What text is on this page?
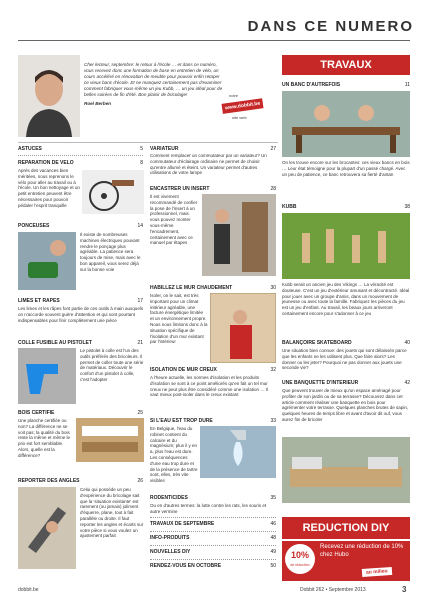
DANS CE NUMERO
Cher lecteur, septembre: le retour à l'école … et dans ce numéro, vous recevez donc une formation de base en entretien de vélo, un cours accéléré en rénovation de meuble pour pouvoir enfin retaper ce vieux banc d'école. Et ne manquez certainement pas d'examiner comment fabriquer vous-même un jeu Kubb, … un jeu idéal pour de belles soirées de fin d'été. Bon plaisir de bricolage!
Roel Berben
notre
www.dobbit.be
site web
ASTUCES	5
REPARATION DE VELO	8
Après des vacances bien méritées, nous reprenons le vélo pour aller au travail ou à l'école. Un bon nettoyage et un petit entretien peuvent être nécessaires pour pouvoir pédaler l'esprit tranquille
PONCEUSES	14
Il existe de nombreuses machines électriques pouvant rendre le ponçage plus agréable. La patience sera toujours de mise, mais avec le bon appareil, vous serez déjà sur la bonne voie
LIMES ET RAPES	17
Les limes et les râpes font partie de ces outils à main auxquels on n'accorde souvent guère d'attention et qui sont pourtant indispensables pour finir complètement une pièce
COLLE FUSIBLE AU PISTOLET	21
Le pistolet à colle est l'un des outils préférés des bricoleurs. Il permet de coller toute une série de matériaux. Découvrir le confort d'un pistolet à colle, c'est l'adopter
BOIS CERTIFIE	25
Une planche certifiée ou non? La différence ne se voit pas; la qualité du bois reste la même et même le prix est fort semblable. Alors, quelle est la différence?
REPORTER DES ANGLES	26
Celui qui possède un peu d'expérience du bricolage sait que la 'situation existante' est rarement (ou jamais) joliment d'équerre, plane, tout à fait parallèle ou droite. Il faut reporter les angles et écarts sur votre pièce si vous voulez un ajustement parfait
VARIATEUR	27
Comment remplacer un commutateur par un variateur? Un commutateur d'éclairage ordinaire ne permet de choisir qu'entre allumé et éteint. Un variateur permet d'autres utilisations de votre lampe
ENCASTRER UN INSERT	28
Il est vivement recommandé de confier la pose de l'insert à un professionnel, mais vous pouvez monter vous-même l'encadrement, certainement avec ce manuel par étapes
HABILLEZ LE MUR CHAUDEMENT	30
Isoler, on le sait, est très important pour un climat intérieur agréable, une facture énergétique limitée et un environnement propre. Nous nous limitons donc à la situation spécifique de l'isolation d'un mur existant par l'intérieur
ISOLATION DE MUR CREUX	32
A l'heure actuelle, les normes d'isolation et les produits d'isolation se sont à ce point améliorés qu'en fait un tel mur creux ne peut plus être considéré comme une isolation … Il vaut mieux post-isoler dans le creux existant
SI L'EAU EST TROP DURE	33
En Belgique, l'eau du robinet contient du calcaire et du magnésium; plus il y en a, plus l'eau est dure. Les conséquences d'une eau trop dure et de la présence de tartre sont, elles, très vite visibles
RODENTICIDES	35
Ou en d'autres termes: la lutte contre les rats, les souris et autre vermine
TRAVAUX DE SEPTEMBRE	46
INFO-PRODUITS	48
NOUVELLES DIY	49
RENDEZ-VOUS EN OCTOBRE	50
TRAVAUX
UN BANC D'AUTREFOIS	11
On les trouve encore sur les brocantes: ces vieux bancs en bois … Leur état témoigne pour la plupart d'un passé chargé. Avec un peu de patience, ce banc retrouvera sa fierté d'antan
KUBB	38
Kubb serait un ancien jeu des Vikings … La véracité est douteuse. C'est un jeu d'extérieur amusant et décontracté. Idéal pour jouer avec un groupe d'amis, dans un mouvement de jeunesse ou avec toute la famille. Fabriquez les pièces du jeu est un jeu d'enfant. Au travail, les beaux jours arriveront certainement encore pour s'adonner à ce jeu
BALANÇOIRE SKATEBOARD	40
Une situation bien connue: des jouets qui sont délaissés parce que les enfants ne les utilisent plus. Que faire alors? Les donner ou les jeter? Pourquoi ne pas donner aux jouets une seconde vie?
UNE BANQUETTE D'INTERIEUR	42
Que peuvent trouver de mieux qu'un espace aménagé pour profiter de son jardin ou de sa terrasse? Découvrez dans cet article comment réaliser une banquette en bois pour agrémenter votre terrasse. Quelques planches brutes de sapin, quelques heures de temps libre et avant d'avoir dit ouf, vous aurez fini de bricoler
REDUCTION DIY
10%
de réduction
Recevez une réduction de 10% chez Hubo
au milieu
dobbit.be	Dobbit 262 • Septembre 2013	3
